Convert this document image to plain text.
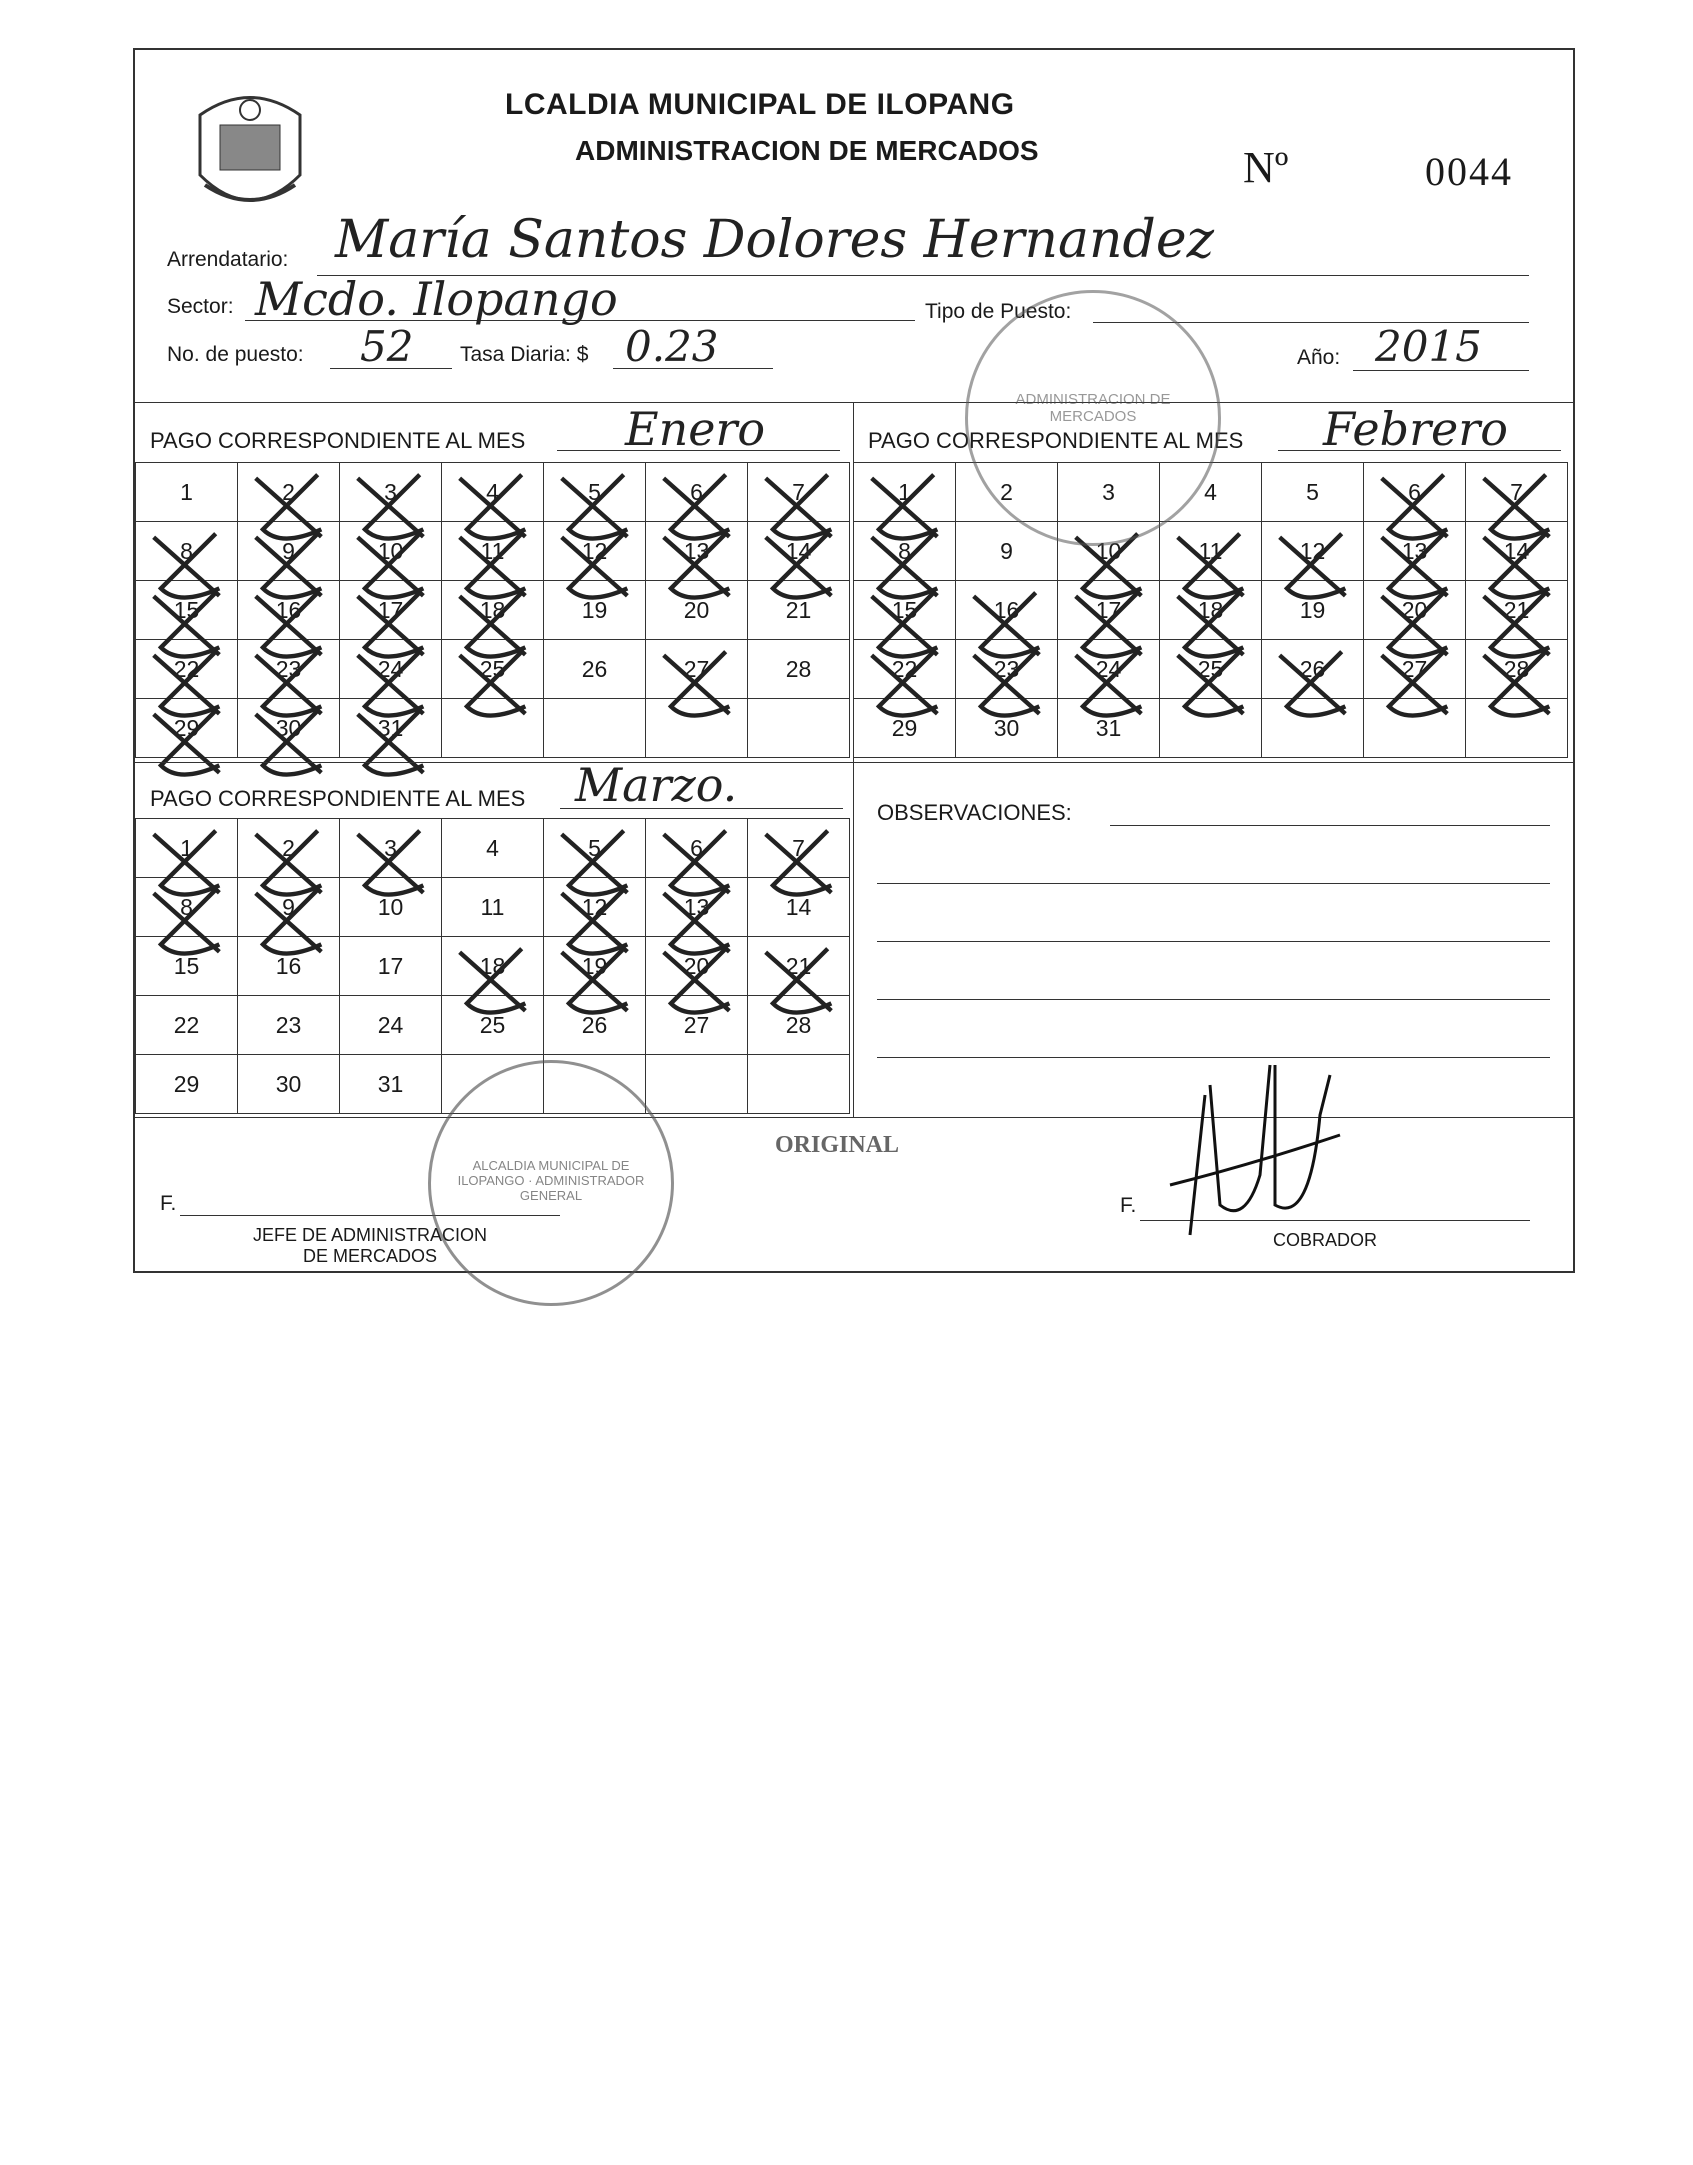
LCALDIA MUNICIPAL DE ILOPANG
ADMINISTRACION DE MERCADOS	Nº	0044
Arrendatario: María Santos Dolores Hernandez
Sector: Mcdo. Ilopango	Tipo de Puesto:
No. de puesto: 52 Tasa Diaria: $ 0.23	Año: 2015
PAGO CORRESPONDIENTE AL MES Enero
1	2	3	4	5	6	7

8	9	10	11	12	13	14

15	16	17	18	19	20	21
22	23	24	25	26	27	28
29	30	31

PAGO CORRESPONDIENTE AL MES Febrero
1	2	3	4	5	6	7

8	9	10	11	12	13	14

15	16	17	18	19	20	21

22	23	24	25	26	27	28

29	30	31				
PAGO CORRESPONDIENTE AL MES Marzo.
1	2	3	4	5	6	7

8	9	10	11	12	13	14
15	16	17	18	19	20	21

22	23	24	25	26	27	28
29	30	31				
OBSERVACIONES:
ORIGINAL
F.
JEFE DE ADMINISTRACION
DE MERCADOS
F.
COBRADOR
ADMINISTRACION DE MERCADOS
ALCALDIA MUNICIPAL DE ILOPANGO · ADMINISTRADOR GENERAL
